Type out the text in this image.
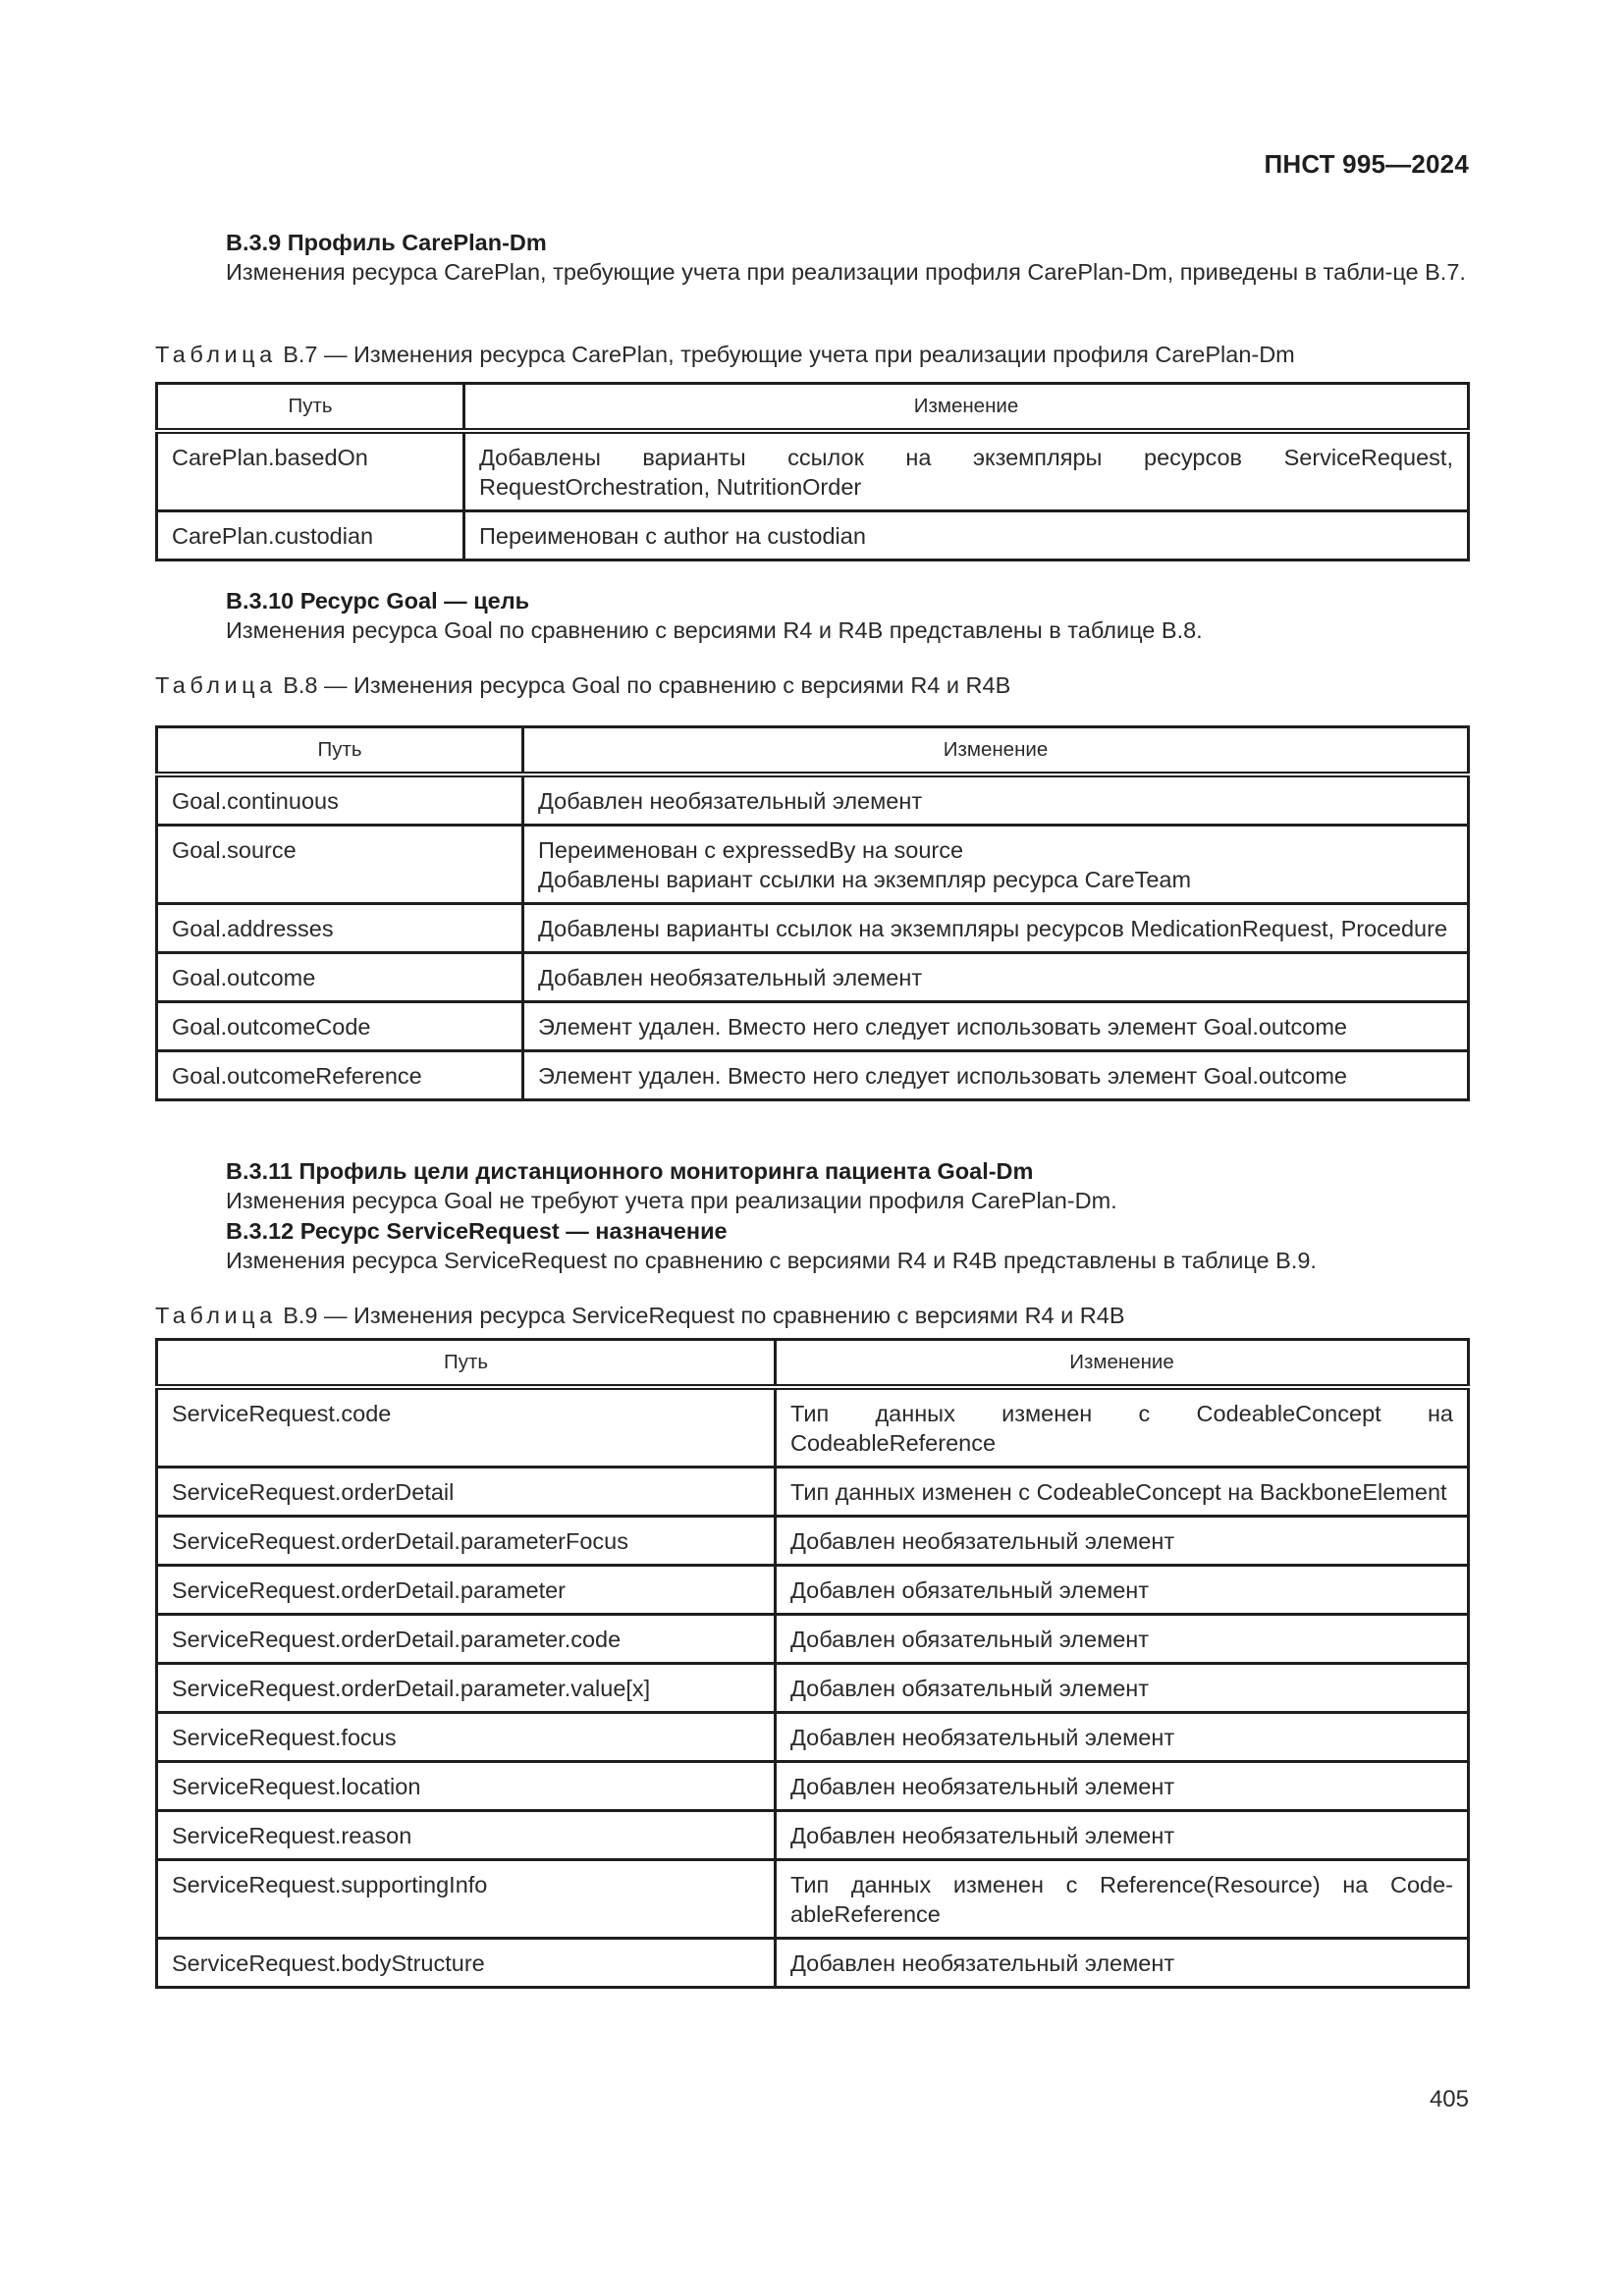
ПНСТ 995—2024
В.3.9 Профиль CarePlan-Dm
Изменения ресурса CarePlan, требующие учета при реализации профиля CarePlan-Dm, приведены в табли-це В.7.
Таблица В.7 — Изменения ресурса CarePlan, требующие учета при реализации профиля CarePlan-Dm
Путь	Изменение
CarePlan.basedOn	Добавлены варианты ссылок на экземпляры ресурсов ServiceRequest, RequestOrchestration, NutritionOrder
CarePlan.custodian	Переименован с author на custodian
В.3.10 Ресурс Goal — цель
Изменения ресурса Goal по сравнению с версиями R4 и R4B представлены в таблице В.8.
Таблица В.8 — Изменения ресурса Goal по сравнению с версиями R4 и R4B
Путь	Изменение
Goal.continuous	Добавлен необязательный элемент
Goal.source	Переименован с expressedBy на source
Добавлены вариант ссылки на экземпляр ресурса CareTeam

Goal.addresses	Добавлены варианты ссылок на экземпляры ресурсов MedicationRequest, Procedure
Goal.outcome	Добавлен необязательный элемент
Goal.outcomeCode	Элемент удален. Вместо него следует использовать элемент Goal.outcome
Goal.outcomeReference	Элемент удален. Вместо него следует использовать элемент Goal.outcome
В.3.11 Профиль цели дистанционного мониторинга пациента Goal-Dm
Изменения ресурса Goal не требуют учета при реализации профиля CarePlan-Dm.
В.3.12 Ресурс ServiceRequest — назначение
Изменения ресурса ServiceRequest по сравнению с версиями R4 и R4B представлены в таблице В.9.
Таблица В.9 — Изменения ресурса ServiceRequest по сравнению с версиями R4 и R4B
Путь	Изменение
ServiceRequest.code	Тип данных изменен с CodeableConcept на CodeableReference
ServiceRequest.orderDetail	Тип данных изменен с CodeableConcept на BackboneElement
ServiceRequest.orderDetail.parameterFocus	Добавлен необязательный элемент
ServiceRequest.orderDetail.parameter	Добавлен обязательный элемент
ServiceRequest.orderDetail.parameter.code	Добавлен обязательный элемент
ServiceRequest.orderDetail.parameter.value[x]	Добавлен обязательный элемент
ServiceRequest.focus	Добавлен необязательный элемент
ServiceRequest.location	Добавлен необязательный элемент
ServiceRequest.reason	Добавлен необязательный элемент
ServiceRequest.supportingInfo	Тип данных изменен с Reference(Resource) на Code-ableReference
ServiceRequest.bodyStructure	Добавлен необязательный элемент
405
